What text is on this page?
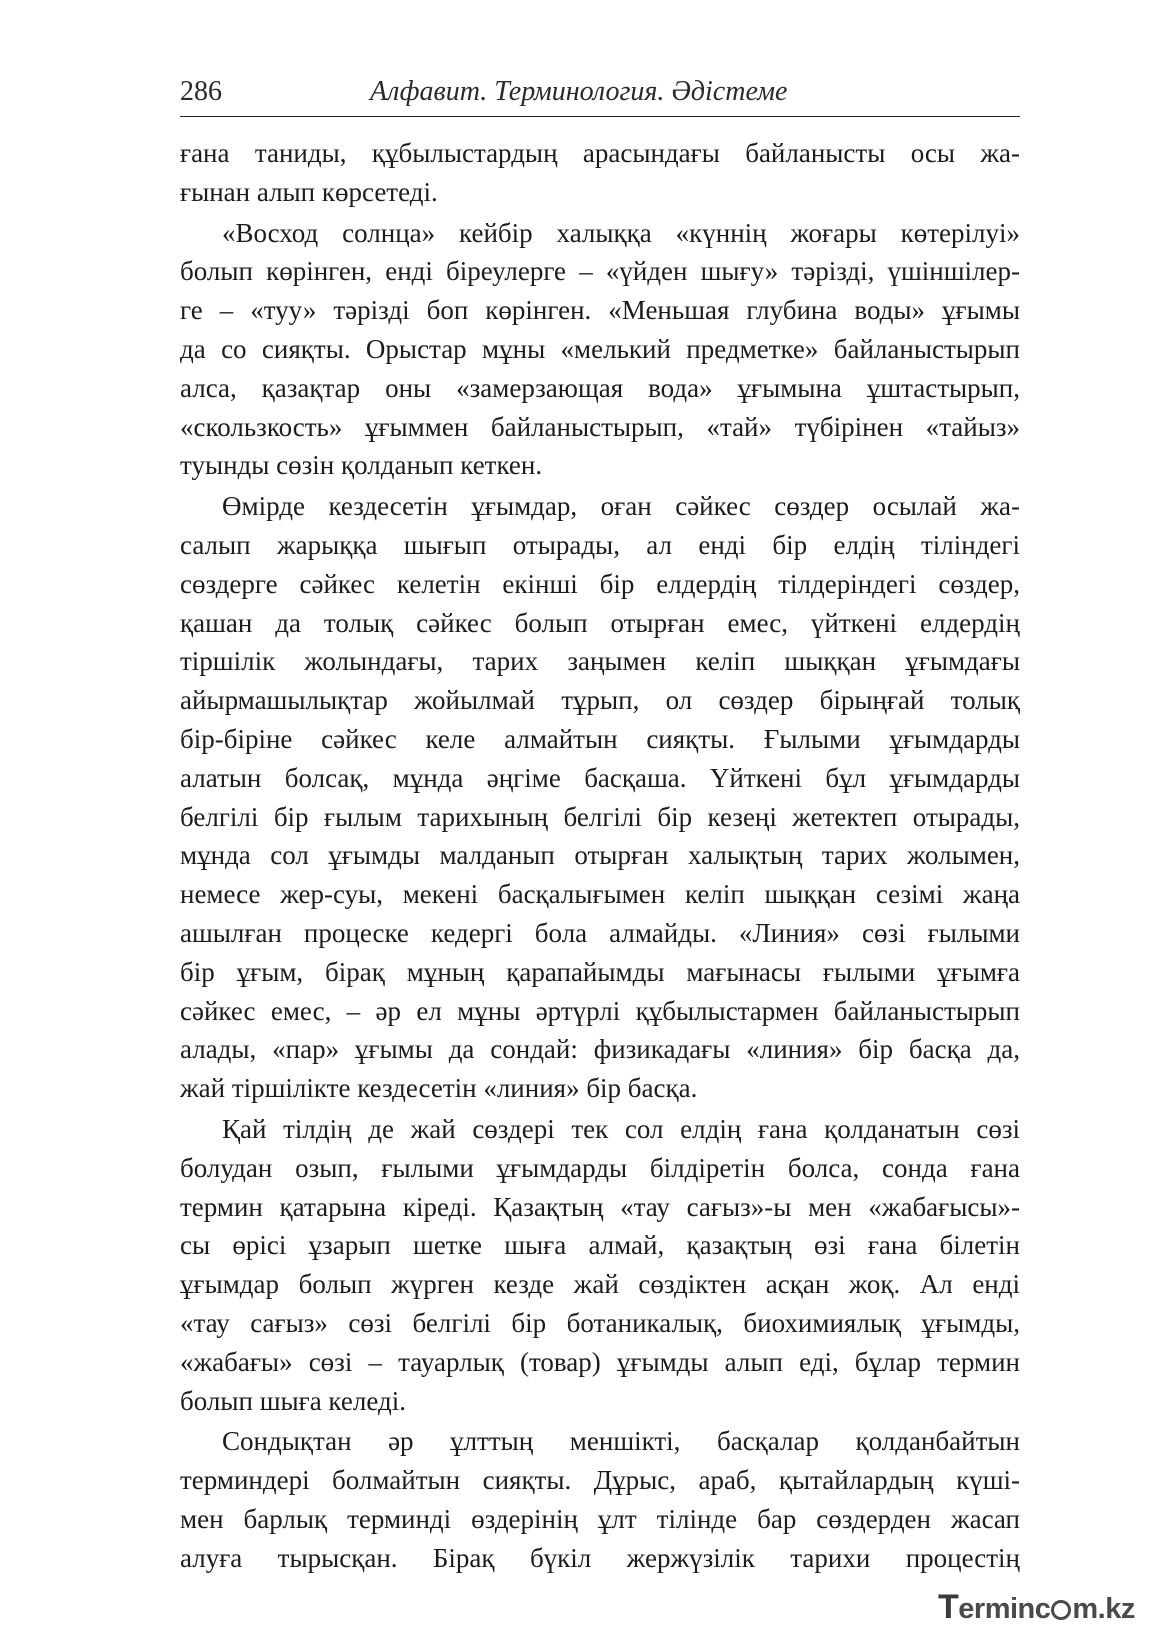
286	Алфавит. Терминология. Әдістеме

ғана таниды, құбылыстардың арасындағы байланысты осы жа-
ғынан алып көрсетеді.

«Восход солнца» кейбір халыққа «күннің жоғары көтерілуі»
болып көрінген, енді біреулерге – «үйден шығу» тәрізді, үшіншілер-
ге – «туу» тәрізді боп көрінген. «Меньшая глубина воды» ұғымы
да со сияқты. Орыстар мұны «мелький предметке» байланыстырып
алса, қазақтар оны «замерзающая вода» ұғымына ұштастырып,
«скользкость» ұғыммен байланыстырып, «тай» түбірінен «тайыз»
туынды сөзін қолданып кеткен.

Өмірде кездесетін ұғымдар, оған сәйкес сөздер осылай жа-
салып жарыққа шығып отырады, ал енді бір елдің тіліндегі
сөздерге сәйкес келетін екінші бір елдердің тілдеріндегі сөздер,
қашан да толық сәйкес болып отырған емес, үйткені елдердің
тіршілік жолындағы, тарих заңымен келіп шыққан ұғымдағы
айырмашылықтар жойылмай тұрып, ол сөздер бірыңғай толық
бір-біріне сәйкес келе алмайтын сияқты. Ғылыми ұғымдарды
алатын болсақ, мұнда әңгіме басқаша. Үйткені бұл ұғымдарды
белгілі бір ғылым тарихының белгілі бір кезеңі жетектеп отырады,
мұнда сол ұғымды малданып отырған халықтың тарих жолымен,
немесе жер-суы, мекені басқалығымен келіп шыққан сезімі жаңа
ашылған процеске кедергі бола алмайды. «Линия» сөзі ғылыми
бір ұғым, бірақ мұның қарапайымды мағынасы ғылыми ұғымға
сәйкес емес, – әр ел мұны әртүрлі құбылыстармен байланыстырып
алады, «пар» ұғымы да сондай: физикадағы «линия» бір басқа да,
жай тіршілікте кездесетін «линия» бір басқа.

Қай тілдің де жай сөздері тек сол елдің ғана қолданатын сөзі
болудан озып, ғылыми ұғымдарды білдіретін болса, сонда ғана
термин қатарына кіреді. Қазақтың «тау сағыз»-ы мен «жабағысы»-
сы өрісі ұзарып шетке шыға алмай, қазақтың өзі ғана білетін
ұғымдар болып жүрген кезде жай сөздіктен асқан жоқ. Ал енді
«тау сағыз» сөзі белгілі бір ботаникалық, биохимиялық ұғымды,
«жабағы» сөзі – тауарлық (товар) ұғымды алып еді, бұлар термин
болып шыға келеді.

Сондықтан әр ұлттың меншікті, басқалар қолданбайтын
терминдері болмайтын сияқты. Дұрыс, араб, қытайлардың күші-
мен барлық терминді өздерінің ұлт тілінде бар сөздерден жасап
алуға тырысқан. Бірақ бүкіл жержүзілік тарихи процестің

Terminc m.kz
